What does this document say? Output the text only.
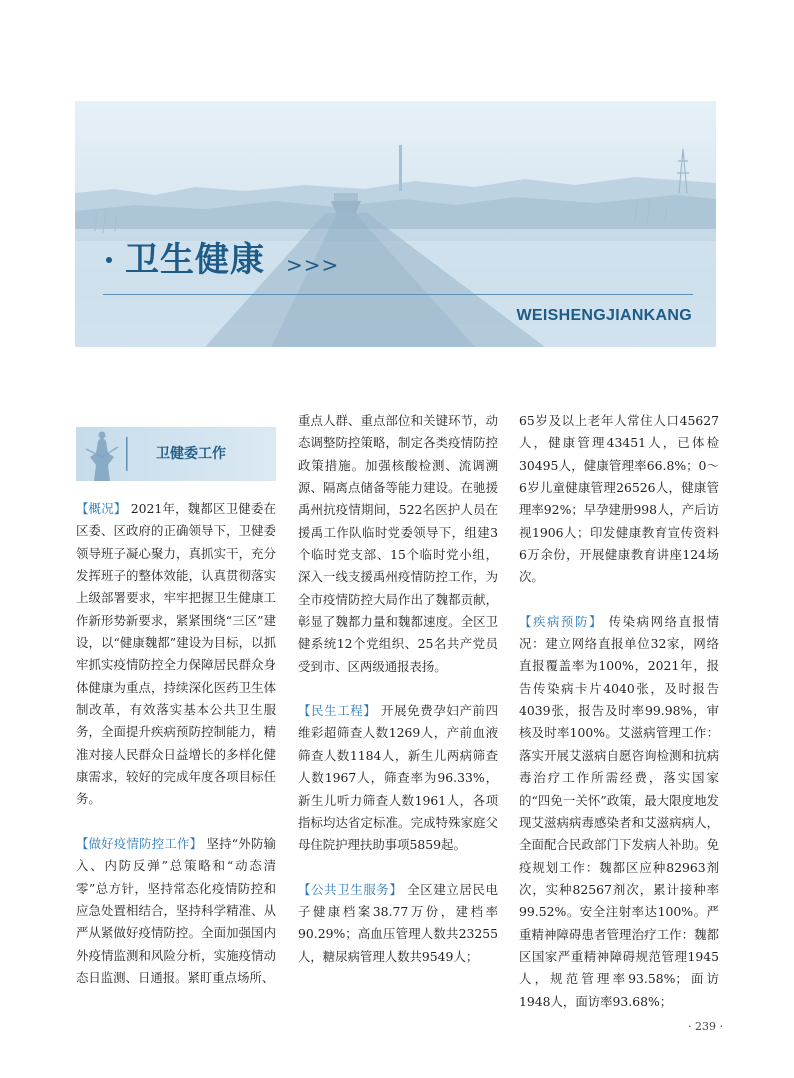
卫生健康 >>>
WEISHENGJIANKANG
卫健委工作

【概况】 2021年，魏都区卫健委在区委、区政府的正确领导下，卫健委领导班子凝心聚力，真抓实干，充分发挥班子的整体效能，认真贯彻落实上级部署要求，牢牢把握卫生健康工作新形势新要求，紧紧围绕“三区”建设，以“健康魏都”建设为目标，以抓牢抓实疫情防控全力保障居民群众身体健康为重点，持续深化医药卫生体制改革，有效落实基本公共卫生服务，全面提升疾病预防控制能力，精准对接人民群众日益增长的多样化健康需求，较好的完成年度各项目标任务。

【做好疫情防控工作】 坚持“外防输入、内防反弹”总策略和“动态清零”总方针，坚持常态化疫情防控和应急处置相结合，坚持科学精准、从严从紧做好疫情防控。全面加强国内外疫情监测和风险分析，实施疫情动态日监测、日通报。紧盯重点场所、

重点人群、重点部位和关键环节，动态调整防控策略，制定各类疫情防控政策措施。加强核酸检测、流调溯源、隔离点储备等能力建设。在驰援禹州抗疫情期间，522名医护人员在援禹工作队临时党委领导下，组建3个临时党支部、15个临时党小组，深入一线支援禹州疫情防控工作，为全市疫情防控大局作出了魏都贡献，彰显了魏都力量和魏都速度。全区卫健系统12个党组织、25名共产党员受到市、区两级通报表扬。

【民生工程】 开展免费孕妇产前四维彩超筛查人数1269人，产前血液筛查人数1184人，新生儿两病筛查人数1967人，筛查率为96.33%，新生儿听力筛查人数1961人，各项指标均达省定标准。完成特殊家庭父母住院护理扶助事项5859起。

【公共卫生服务】 全区建立居民电子健康档案38.77万份，建档率90.29%；高血压管理人数共23255人，糖尿病管理人数共9549人；

65岁及以上老年人常住人口45627人，健康管理43451人，已体检30495人，健康管理率66.8%；0～6岁儿童健康管理26526人，健康管理率92%；早孕建册998人，产后访视1906人；印发健康教育宣传资料6万余份，开展健康教育讲座124场次。

【疾病预防】 传染病网络直报情况：建立网络直报单位32家，网络直报覆盖率为100%，2021年，报告传染病卡片4040张，及时报告4039张，报告及时率99.98%，审核及时率100%。艾滋病管理工作：落实开展艾滋病自愿咨询检测和抗病毒治疗工作所需经费，落实国家的“四免一关怀”政策，最大限度地发现艾滋病病毒感染者和艾滋病病人，全面配合民政部门下发病人补助。免疫规划工作：魏都区应种82963剂次，实种82567剂次，累计接种率99.52%。安全注射率达100%。严重精神障碍患者管理治疗工作：魏都区国家严重精神障碍规范管理1945人，规范管理率93.58%；面访1948人，面访率93.68%；

· 239 ·
